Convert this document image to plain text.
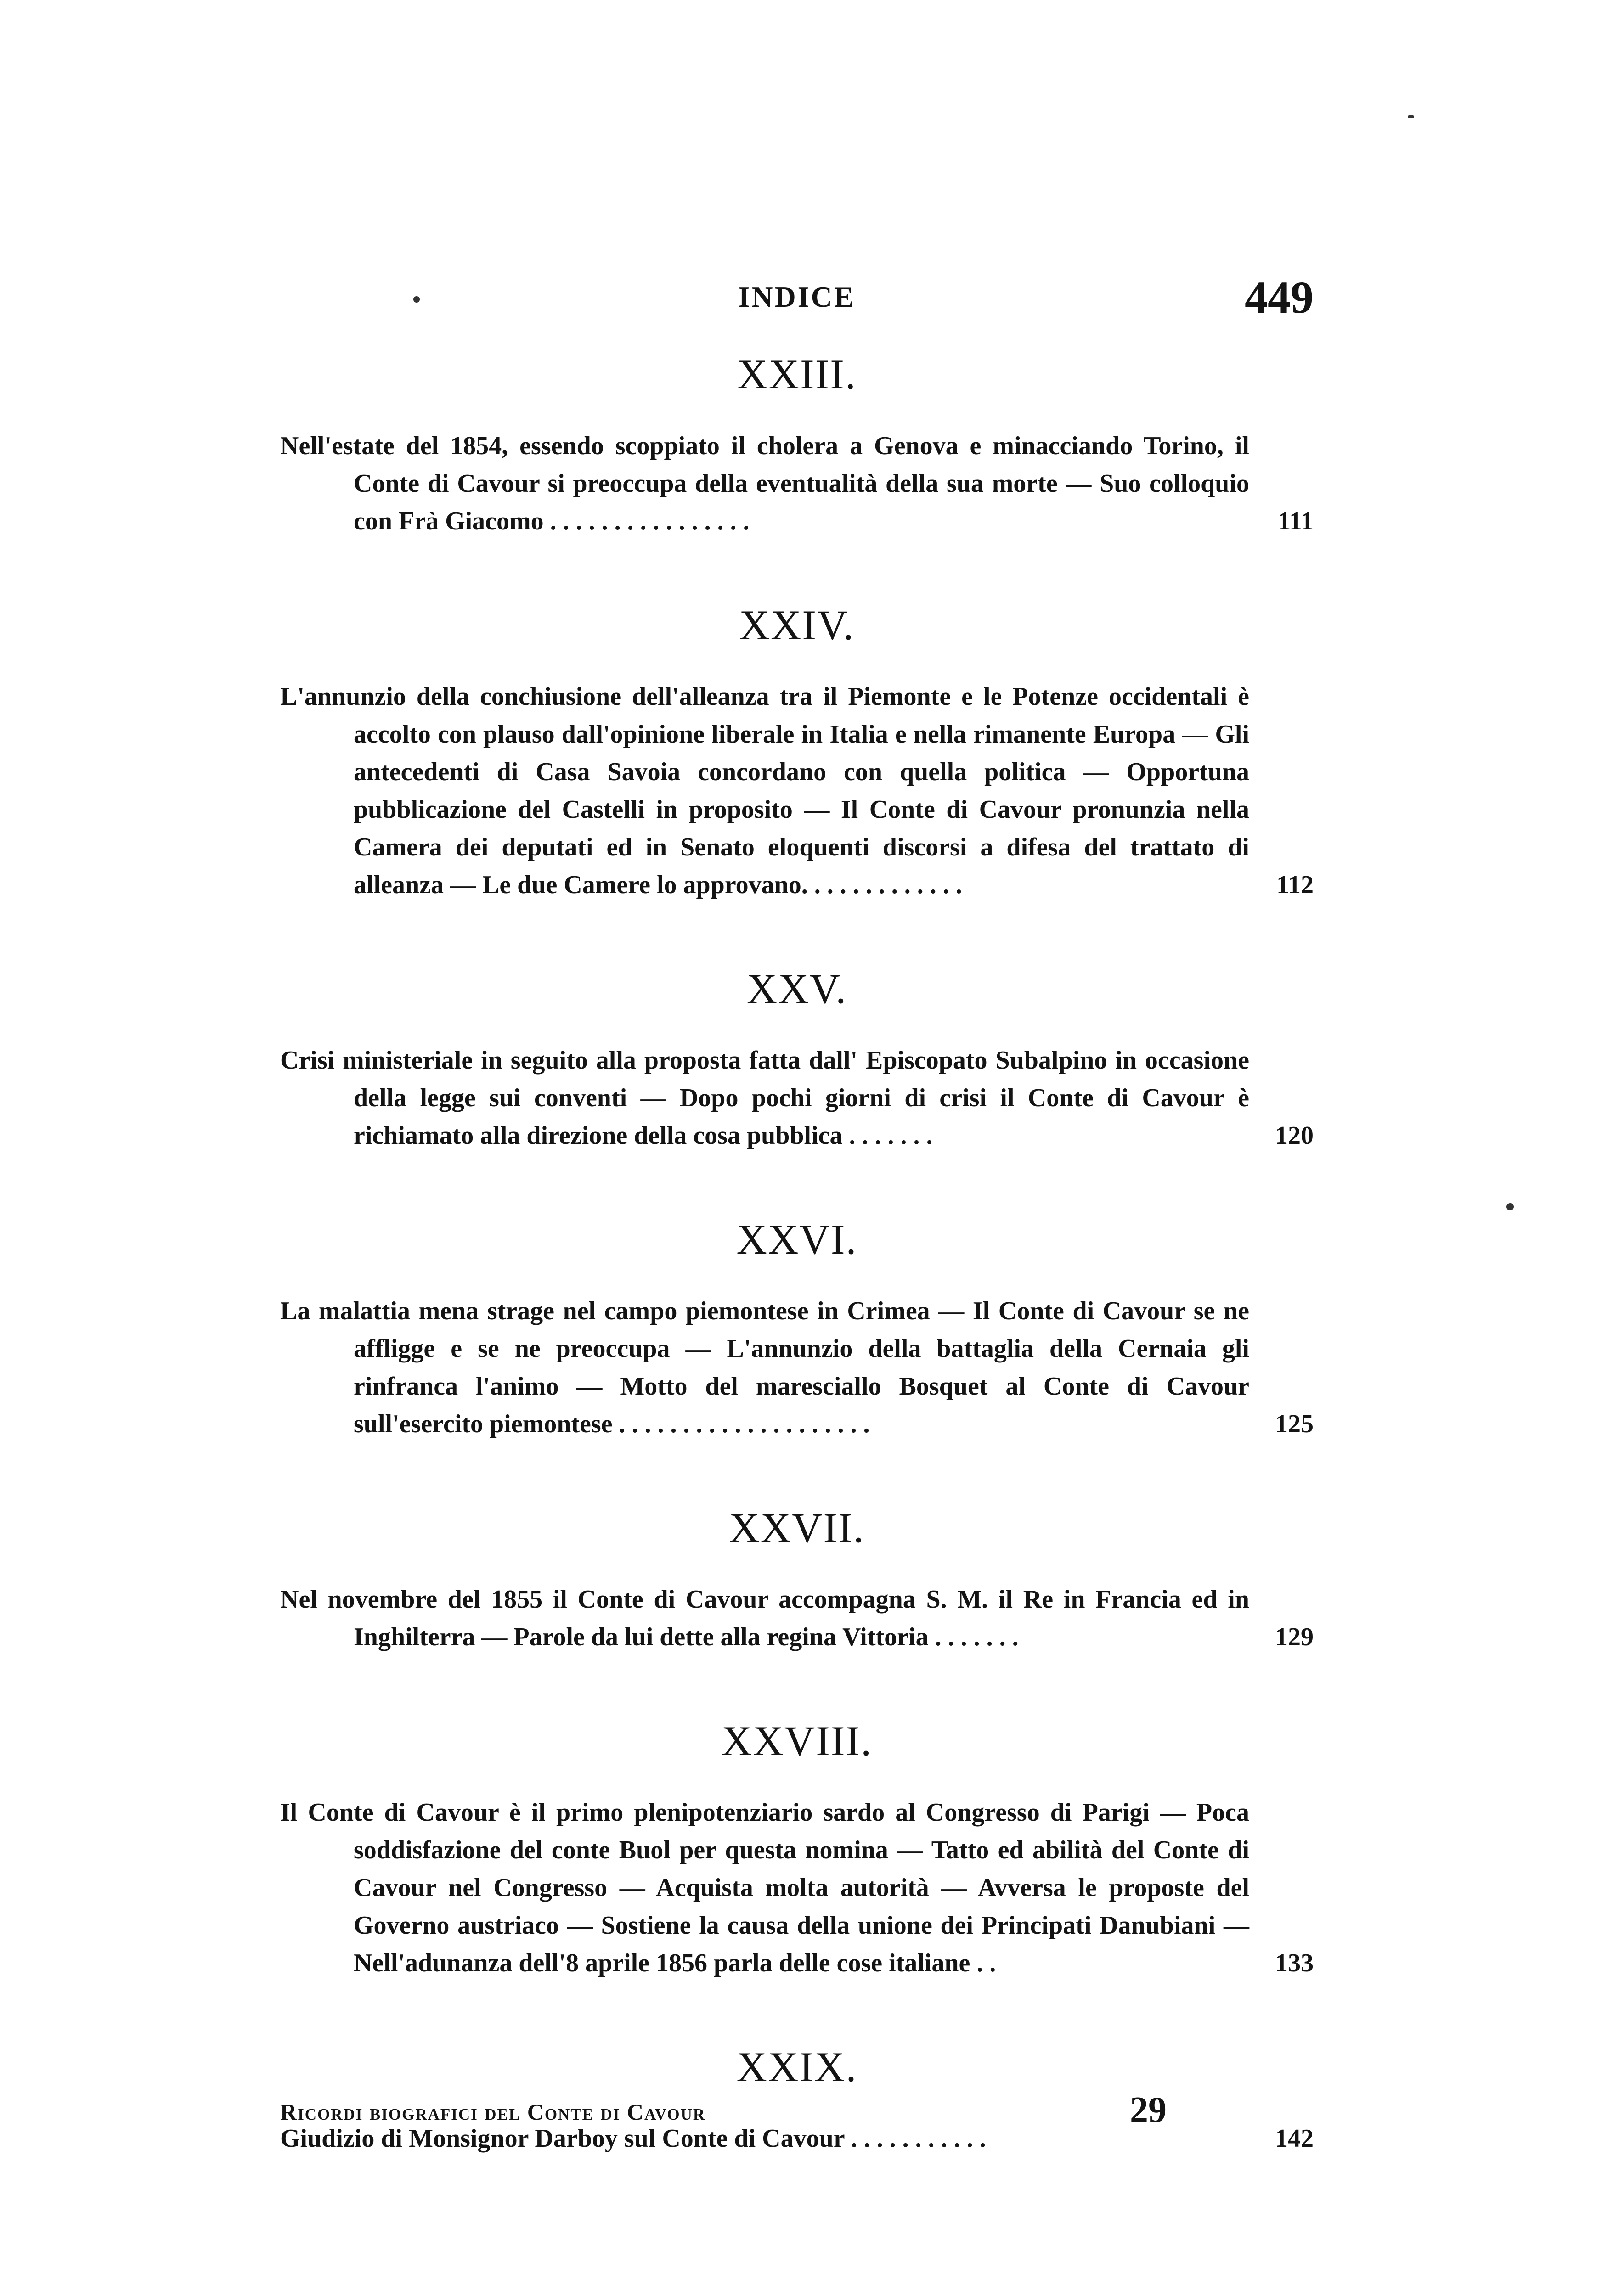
INDICE	449
XXIII.
Nell'estate del 1854, essendo scoppiato il cholera a Genova e minacciando Torino, il Conte di Cavour si preoccupa della eventualità della sua morte — Suo colloquio con Frà Giacomo . . . . . . . . . . . . . . . .	111
XXIV.
L'annunzio della conchiusione dell'alleanza tra il Piemonte e le Potenze occidentali è accolto con plauso dall'opinione liberale in Italia e nella rimanente Europa — Gli antecedenti di Casa Savoia concordano con quella politica — Opportuna pubblicazione del Castelli in proposito — Il Conte di Cavour pronunzia nella Camera dei deputati ed in Senato eloquenti discorsi a difesa del trattato di alleanza — Le due Camere lo approvano. . . . . . . . . . . . .	112
XXV.
Crisi ministeriale in seguito alla proposta fatta dall' Episcopato Subalpino in occasione della legge sui conventi — Dopo pochi giorni di crisi il Conte di Cavour è richiamato alla direzione della cosa pubblica . . . . . . .	120
XXVI.
La malattia mena strage nel campo piemontese in Crimea — Il Conte di Cavour se ne affligge e se ne preoccupa — L'annunzio della battaglia della Cernaia gli rinfranca l'animo — Motto del maresciallo Bosquet al Conte di Cavour sull'esercito piemontese . . . . . . . . . . . . . . . . . . . .	125
XXVII.
Nel novembre del 1855 il Conte di Cavour accompagna S. M. il Re in Francia ed in Inghilterra — Parole da lui dette alla regina Vittoria . . . . . . .	129
XXVIII.
Il Conte di Cavour è il primo plenipotenziario sardo al Congresso di Parigi — Poca soddisfazione del conte Buol per questa nomina — Tatto ed abilità del Conte di Cavour nel Congresso — Acquista molta autorità — Avversa le proposte del Governo austriaco — Sostiene la causa della unione dei Principati Danubiani — Nell'adunanza dell'8 aprile 1856 parla delle cose italiane . .	133
XXIX.
Giudizio di Monsignor Darboy sul Conte di Cavour . . . . . . . . . . .	142
Ricordi biografici del Conte di Cavour	29
